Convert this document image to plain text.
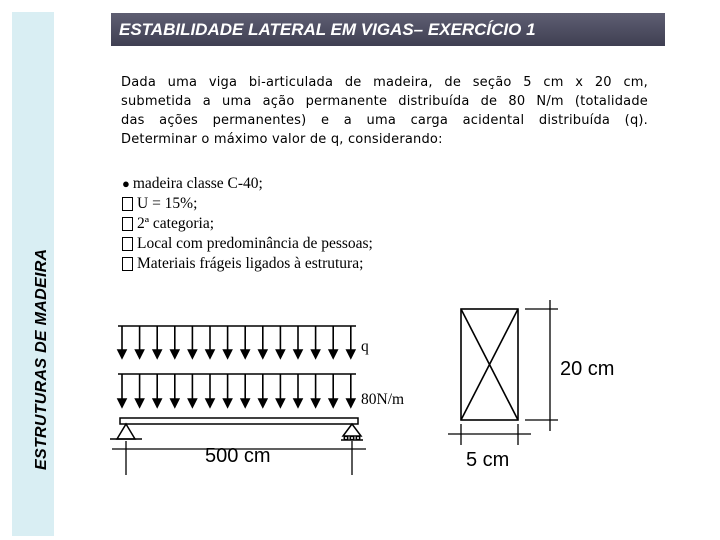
ESTRUTURAS DE MADEIRA
ESTABILIDADE LATERAL EM VIGAS– EXERCÍCIO 1
Dada uma viga bi-articulada de madeira, de seção 5 cm x 20 cm,
submetida a uma ação permanente distribuída de 80 N/m (totalidade
das ações permanentes) e a uma carga acidental distribuída (q).
Determinar o máximo valor de q, considerando:
● madeira classe C-40;
U = 15%;
2ª categoria;
Local com predominância de pessoas;
Materiais frágeis ligados à estrutura;
q
80N/m
500 cm
20 cm
5 cm
